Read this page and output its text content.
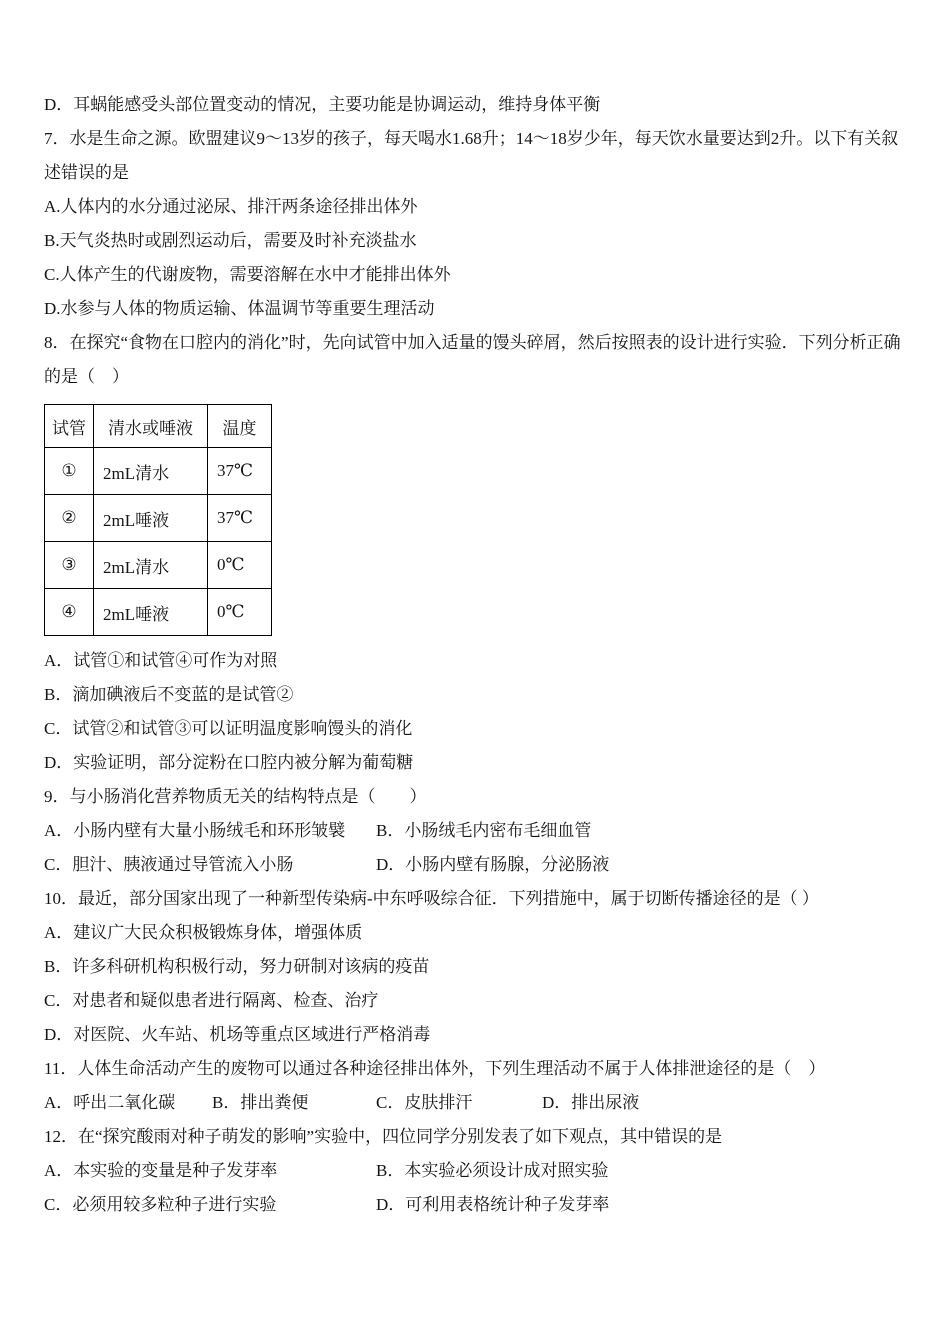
D．耳蜗能感受头部位置变动的情况，主要功能是协调运动，维持身体平衡

7．水是生命之源。欧盟建议9～13岁的孩子，每天喝水1.68升；14～18岁少年，每天饮水量要达到2升。以下有关叙述错误的是

A.人体内的水分通过泌尿、排汗两条途径排出体外

B.天气炎热时或剧烈运动后，需要及时补充淡盐水

C.人体产生的代谢废物，需要溶解在水中才能排出体外

D.水参与人体的物质运输、体温调节等重要生理活动

8．在探究“食物在口腔内的消化”时，先向试管中加入适量的馒头碎屑，然后按照表的设计进行实验．下列分析正确的是（　）

试管	清水或唾液	温度
①	2mL清水	37℃
②	2mL唾液	37℃
③	2mL清水	0℃
④	2mL唾液	0℃

A．试管①和试管④可作为对照

B．滴加碘液后不变蓝的是试管②

C．试管②和试管③可以证明温度影响馒头的消化

D．实验证明，部分淀粉在口腔内被分解为葡萄糖

9．与小肠消化营养物质无关的结构特点是（　　）

A．小肠内壁有大量小肠绒毛和环形皱襞	B．小肠绒毛内密布毛细血管

C．胆汁、胰液通过导管流入小肠	D．小肠内壁有肠腺，分泌肠液

10．最近，部分国家出现了一种新型传染病-中东呼吸综合征．下列措施中，属于切断传播途径的是（ ）

A．建议广大民众积极锻炼身体，增强体质

B．许多科研机构积极行动，努力研制对该病的疫苗

C．对患者和疑似患者进行隔离、检查、治疗

D．对医院、火车站、机场等重点区域进行严格消毒

11．人体生命活动产生的废物可以通过各种途径排出体外，下列生理活动不属于人体排泄途径的是（　）

A．呼出二氧化碳	B．排出粪便	C．皮肤排汗	D．排出尿液

12．在“探究酸雨对种子萌发的影响”实验中，四位同学分别发表了如下观点，其中错误的是

A．本实验的变量是种子发芽率	B．本实验必须设计成对照实验

C．必须用较多粒种子进行实验	D．可利用表格统计种子发芽率
